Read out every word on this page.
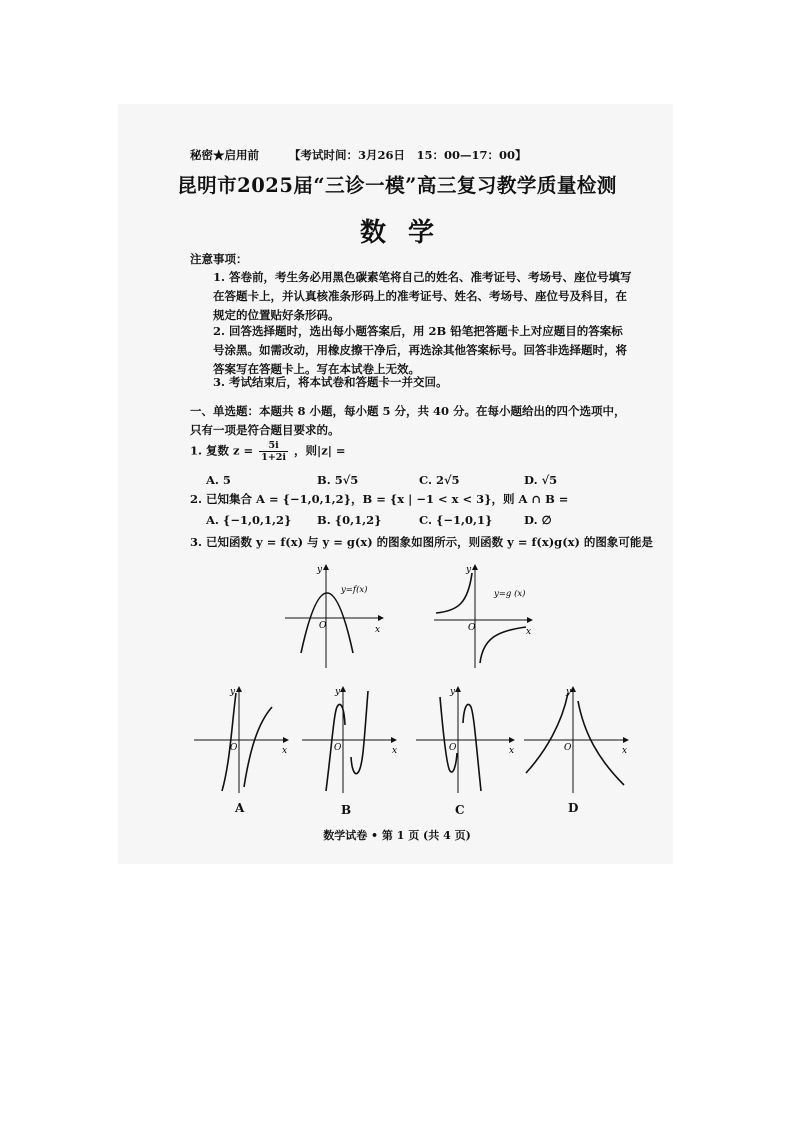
秘密★启用前	【考试时间：3月26日　15：00—17：00】
昆明市2025届“三诊一模”高三复习教学质量检测
数学
注意事项：
1. 答卷前，考生务必用黑色碳素笔将自己的姓名、准考证号、考场号、座位号填写在答题卡上，并认真核准条形码上的准考证号、姓名、考场号、座位号及科目，在规定的位置贴好条形码。
2. 回答选择题时，选出每小题答案后，用 2B 铅笔把答题卡上对应题目的答案标号涂黑。如需改动，用橡皮擦干净后，再选涂其他答案标号。回答非选择题时，将答案写在答题卡上。写在本试卷上无效。
3. 考试结束后，将本试卷和答题卡一并交回。
一、单选题：本题共 8 小题，每小题 5 分，共 40 分。在每小题给出的四个选项中，只有一项是符合题目要求的。
1. 复数 $z = \frac{5i}{1+2i}$ ，则|z| =
A. 5	B. 5√5	C. 2√5	D. √5
2. 已知集合 A = {−1,0,1,2}，B = {x | −1 < x < 3}，则 A ∩ B =
A. {−1,0,1,2} B. {0,1,2}	C. {−1,0,1}	D. ∅
3. 已知函数 y = f(x) 与 y = g(x) 的图象如图所示，则函数 y = f(x)g(x) 的图象可能是
y
x
O
y=f(x)
y
x
O
y=g (x)
y
x
O
y
x
O
y
x
O
y
x
O
A	B	C	D
数学试卷 • 第 1 页 (共 4 页)
